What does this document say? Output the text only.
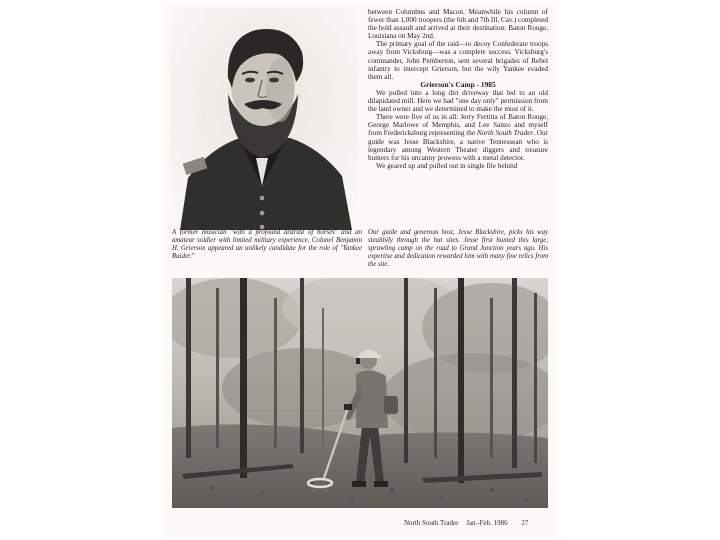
between Columbus and Macon. Meanwhile his column of fewer than 1,000 troopers (the 6th and 7th Ill. Cav.) completed the bold assault and arrived at their destination: Baton Rouge, Louisiana on May 2nd.

The primary goal of the raid—to decoy Confederate troops away from Vicksburg—was a complete success. Vicksburg's commander, John Pemberton, sent several brigades of Rebel infantry to intercept Grierson, but the wily Yankee evaded them all.

Grierson's Camp - 1985

We pulled into a long dirt driveway that led to an old dilapidated mill. Here we had "one day only" permission from the land owner and we determined to make the most of it.

There were five of us in all: Jerry Fertitta of Baton Rouge, George Marlowe of Memphis, and Lee Sanzo and myself from Fredericksburg representing the North South Trader. Our guide was Jesse Blackshire, a native Tennessean who is legendary among Western Theater diggers and treasure hunters for his uncanny prowess with a metal detector.

We geared up and pulled out in single file behind

A former musician "with a profound distrust of horses" and an amateur soldier with limited military experience, Colonel Benjamin H. Grierson appeared an unlikely candidate for the role of "Yankee Raider."
Our guide and generous host, Jesse Blackshire, picks his way stealthily through the hut sites. Jesse first hunted this large, sprawling camp on the road to Grand Junction years ago. His expertise and dedication rewarded him with many fine relics from the site.
North South Trader Jan.-Feb. 1986 27
